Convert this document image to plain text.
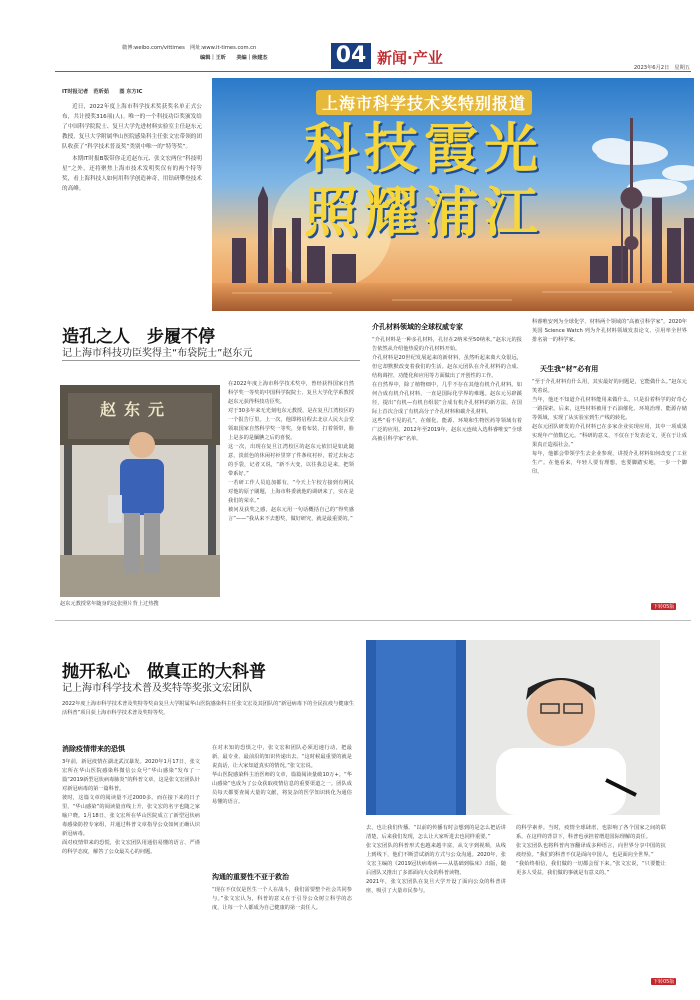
微博:weibo.com/vittimes　网址:www.it-times.com.cn
编辑｜王昕　　美编｜徐建杰	04 新闻·产业
2023年6月2日　星期五
IT时报记者　范昕茹　　图 东方IC
近日，2022年度上海市科学技术奖获奖名单正式公布，共计授奖316项(人)。唯一的一个科技功臣奖颁发给了中国科学院院士、复旦大学先进材料实验室主任赵东元教授，复旦大学附属华山医院感染科主任张文宏带领的团队收获了“科学技术普及奖”类别中唯一的“特等奖”。
本期IT时报B版带你走近赵东元、张文宏两位“科技明星”之外，还将聚焦上海市技术发明奖仅有的两个特等奖，看上海科技人如何用科学创造神奇，用钻研攀登技术的高峰。
上海市科学技术奖特别报道
科技霞光
照耀浦江
造孔之人　步履不停
记上海市科技功臣奖得主“布袋院士”赵东元
赵东元
赵东元教授常年随身的这张照片背上过热搜
在2022年度上海市科学技术奖中，曾经获得国家自然科学奖一等奖的中国科学院院士、复旦大学化学系教授赵东元获得科技功臣奖。
对于30多年来无光刻电东元教授，是在复旦江湾校区的一个报告厅里。上一次，他即将启程去北京人民大会堂领取国家自然科学奖一等奖，身着布装，打着领带，脸上是多的是腼腆之后的喜悦。
这一次，出现在复旦江湾校区的赵东元依旧是如此随意，淡蓝色的休闲衬衫里穿了件条纹衬衫，着过去标志的手袋，记者又说，“新不大变，以往我总是来，把领带系好。”
一若研工作人员追加都有，“今天上午校方接到有网民对他的原子刷题，上海市科委就他的调研来了，实在是我们的荣幸。”
被问及获奖之感，赵东元用一句话概括自己的“得奖感言”——“我从来不去想奖，做好研究，就是最重要的。”
介孔材料领域的全球权威专家
“介孔材料是一种多孔材料，孔径在2纳米至50纳米。”赵东元的报告依然从介绍他热爱的介孔材料开始。
介孔材料是20世纪发展起来的新材料，虽然听起来离大众很远，但它却默默改变着我们的生活。赵东元团队在介孔材料的合成、结构调控、功能化和应用等方面做出了开创性的工作。
在自然界中，除了植物细中，几乎不存在其他有机介孔材料。如何合成有机介孔材料，一直是国际化学界的难题。赵东元另辟蹊径，提出“有机—有机自组装”合成有机介孔材料的新方法，在国际上首次合成了有机高分子介孔材料和碳介孔材料。
这些“看不见的孔”，在催化、能源、环境和生物医药等领域有着广泛的应用。2012年至2019年，赵东元连续入选科睿唯安“全球高被引科学家”名单。
科睿唯安列为全球化学、材料两个领域的“高被引科学家”。2020年英国 Science Watch 列为介孔材料领域发表论文、引用率全世界排名第一的科学家。
天生我“材”必有用
“至于介孔材料有什么用，其实最好的问题是，它能做什么。”赵东元笑着说。
当年，他还不知道介孔材料能用来做什么，只是沿着科学的好奇心一路探索。后来，这些材料被用于石油催化、环境治理、能源存储等领域，实现了从实验室到生产线的转化。
赵东元团队研发的介孔材料已在多家企业实现应用，其中一项成果实现年产值数亿元。“科研的意义，不仅在于发表论文，更在于让成果真正造福社会。”
每年，他都会带领学生去企业参观，讲授介孔材料如何改变了工业生产。在他看来，年轻人要有理想，也要脚踏实地，一步一个脚印。
下转05版
抛开私心　做真正的大科普
记上海市科学技术普及奖特等奖张文宏团队
2022年度上海市科学技术普及奖特等奖由复旦大学附属华山医院感染科主任张文宏及其团队的“新冠病毒下的全民抗疫与健康生活科普”项目获上海市科学技术普及奖特等奖。
消除疫情带来的恐惧
3年前，新冠疫情在湖北武汉暴发。2020年1月17日，张文宏所在华山医院感染科微信公众号“华山感染”发布了一篇“2019新型冠状病毒肺炎”的科普文章，这是张文宏团队针对新冠病毒的第一篇科普。
彼时，这篇文章的阅读量不过2000多。而在接下来的日子里，“华山感染”的阅读量直线上升，张文宏的名字也随之家喻户晓。1月18日，张文宏所在华山医院成立了新型冠状病毒感染防控专家组，并通过科普文章指导公众如何正确认识新冠病毒。
面对疫情带来的恐慌，张文宏团队用通俗易懂的语言、严谨的科学态度，解答了公众最关心的问题。
在对未知的恐惧之中，张文宏和团队必须迅速行动，把最新、最专业、最前沿的知识传递出去。“这时候最重要的就是说真话，让大家知道真实的情况。”张文宏说。
华山医院感染科主治医师的文章，篇篇阅读量破10万+。“华山感染”也成为了公众获取疫情信息的重要渠道之一。团队成员每天都要查阅大量的文献，将复杂的医学知识转化为通俗易懂的语言。
沟通的重要性不亚于救治
“现在不仅仅是医生一个人在战斗，我们需要整个社会共同参与。”张文宏认为，科普的意义在于引导公众树立科学的态度，让每一个人都成为自己健康的第一责任人。
去，也让我们传播。“以前的传播有时会想到的是怎么把话讲清楚，后来我们发现，怎么让大家听进去也同样重要。”
张文宏团队的科普形式也越来越丰富，从文字到视频，从线上到线下，他们不断尝试新的方式与公众沟通。2020年，张文宏主编的《2019冠状病毒病——从基础到临床》出版，随后团队又推出了多部面向大众的科普读物。
2021年，张文宏团队在复旦大学开设了面向公众的科普讲座，吸引了大量市民参与。
的科学素养。当时，疫情全球肆虐，也影响了各个国家之间的联系。在这样的背景下，科普也承担着增进国际理解的责任。
张文宏团队也将科普内容翻译成多种语言，向世界分享中国的抗疫经验。“我们的科普不仅是面向中国人，也是面向全世界。”
“我始终相信，我们做的一切都会留下来。”张文宏说，“只要能让更多人受益，我们做的事就是有意义的。”
下转05版
